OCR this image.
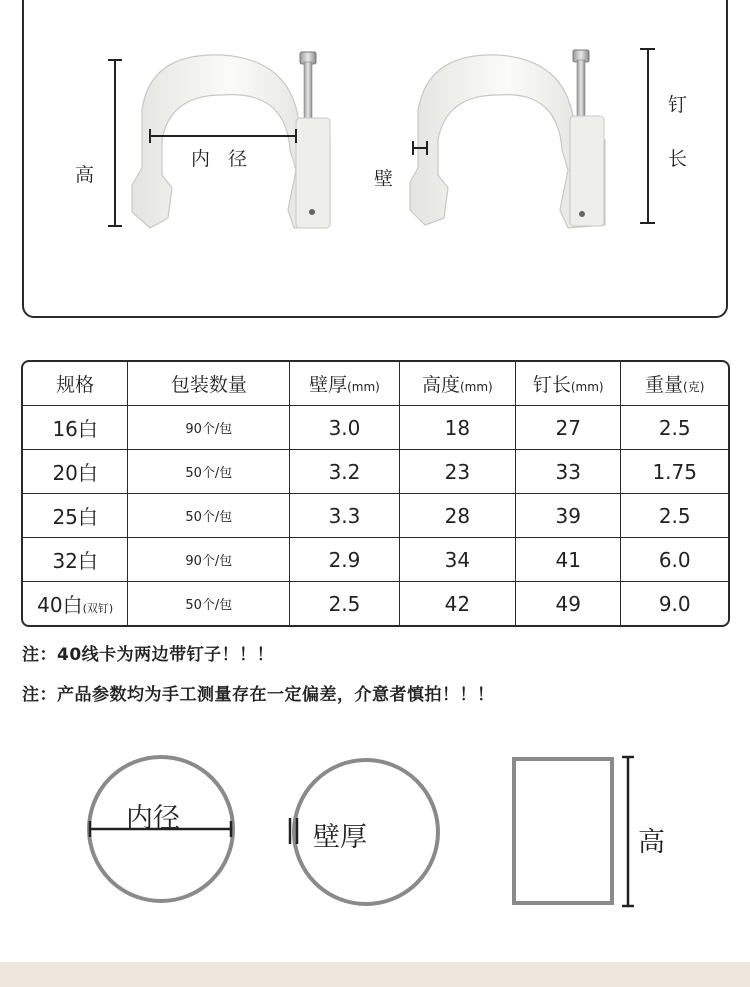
高
内 径
壁
钉
长
规格	包装数量	壁厚(mm)	高度(mm)	钉长(mm)	重量(克)
16白	90个/包	3.0	18	27	2.5
20白	50个/包	3.2	23	33	1.75
25白	50个/包	3.3	28	39	2.5
32白	90个/包	2.9	34	41	6.0
40白(双钉)	50个/包	2.5	42	49	9.0
注：40线卡为两边带钉子！！！
注：产品参数均为手工测量存在一定偏差，介意者慎拍！！！
内径
壁厚	高
